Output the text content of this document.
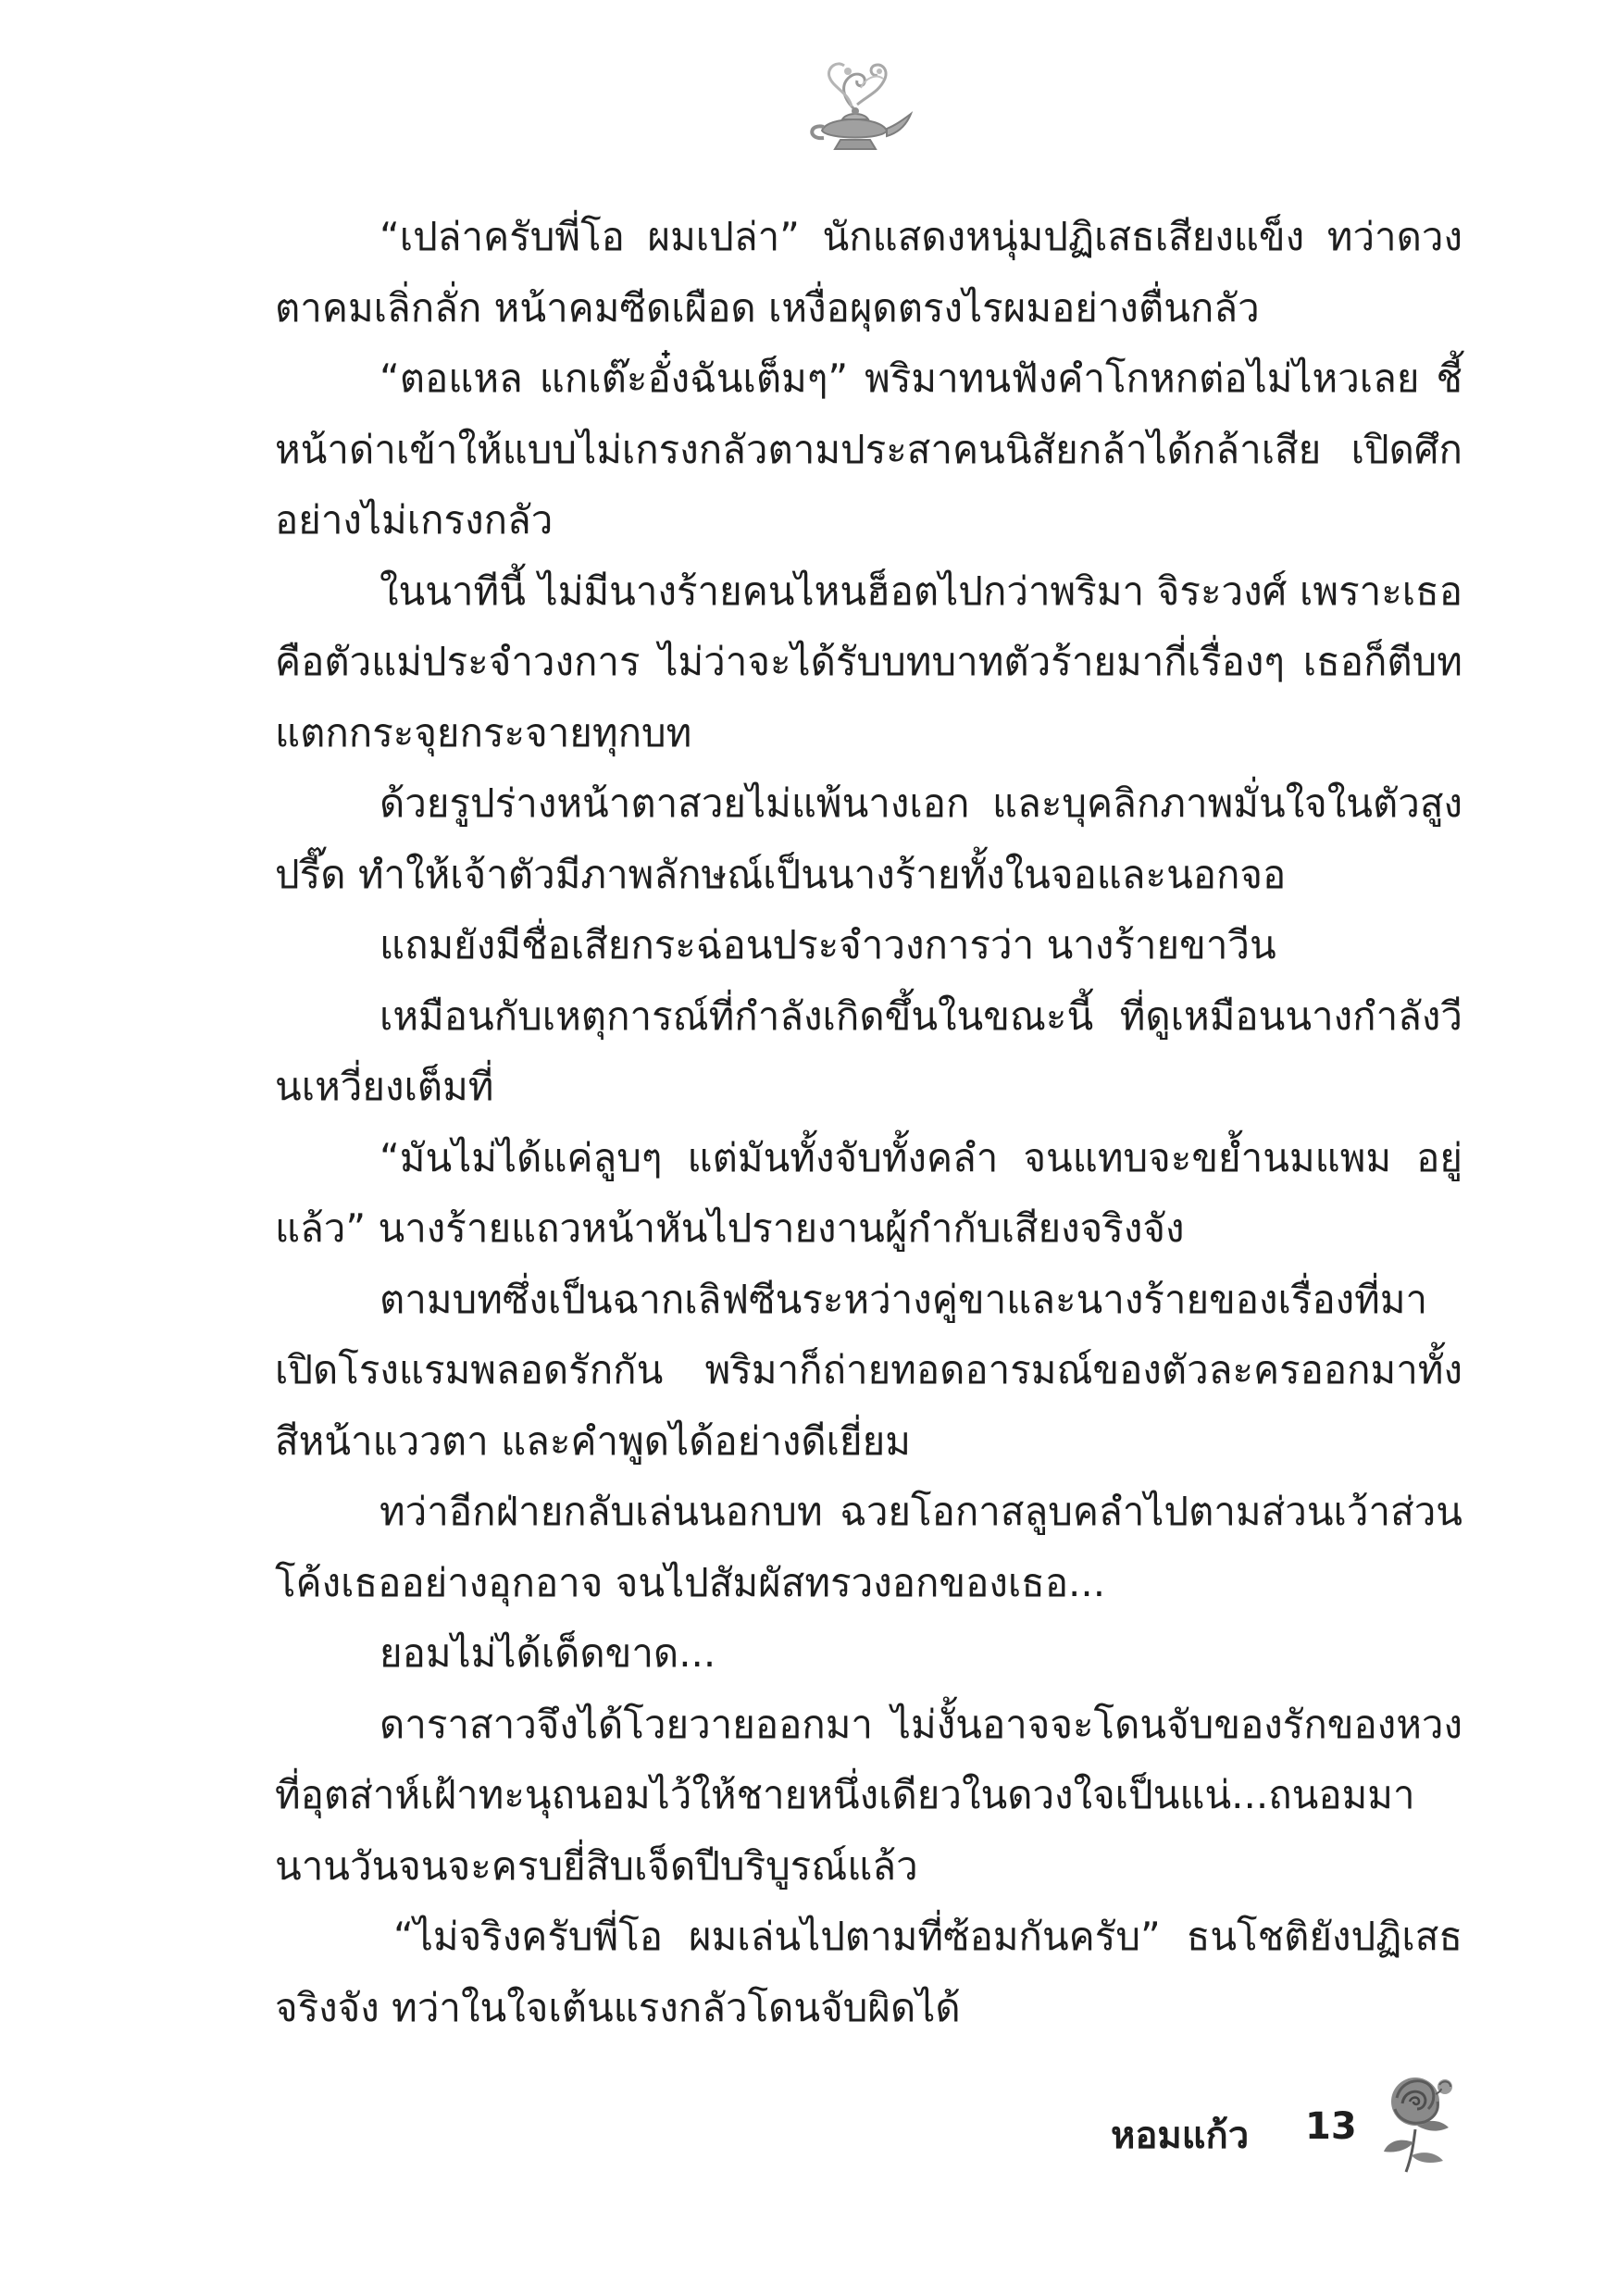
“เปล่าครับพี่โอ ผมเปล่า” นักแสดงหนุ่มปฏิเสธเสียงแข็ง ทว่าดวงตาคมเลิ่กลั่ก หน้าคมซีดเผือด เหงื่อผุดตรงไรผมอย่างตื่นกลัว

“ตอแหล แกเต๊ะอั๋งฉันเต็มๆ” พริมาทนฟังคำโกหกต่อไม่ไหวเลย ชี้หน้าด่าเข้าให้แบบไม่เกรงกลัวตามประสาคนนิสัยกล้าได้กล้าเสีย เปิดศึกอย่างไม่เกรงกลัว

ในนาทีนี้ ไม่มีนางร้ายคนไหนฮ็อตไปกว่าพริมา จิระวงศ์ เพราะเธอคือตัวแม่ประจำวงการ ไม่ว่าจะได้รับบทบาทตัวร้ายมากี่เรื่องๆ เธอก็ตีบทแตกกระจุยกระจายทุกบท

ด้วยรูปร่างหน้าตาสวยไม่แพ้นางเอก และบุคลิกภาพมั่นใจในตัวสูงปรี๊ด ทำให้เจ้าตัวมีภาพลักษณ์เป็นนางร้ายทั้งในจอและนอกจอ

แถมยังมีชื่อเสียกระฉ่อนประจำวงการว่า นางร้ายขาวีน

เหมือนกับเหตุการณ์ที่กำลังเกิดขึ้นในขณะนี้ ที่ดูเหมือนนางกำลังวีนเหวี่ยงเต็มที่

“มันไม่ได้แค่ลูบๆ แต่มันทั้งจับทั้งคลำ จนแทบจะขย้ำนมแพม อยู่แล้ว” นางร้ายแถวหน้าหันไปรายงานผู้กำกับเสียงจริงจัง

ตามบทซึ่งเป็นฉากเลิฟซีนระหว่างคู่ขาและนางร้ายของเรื่องที่มาเปิดโรงแรมพลอดรักกัน พริมาก็ถ่ายทอดอารมณ์ของตัวละครออกมาทั้งสีหน้าแววตา และคำพูดได้อย่างดีเยี่ยม

ทว่าอีกฝ่ายกลับเล่นนอกบท ฉวยโอกาสลูบคลำไปตามส่วนเว้าส่วนโค้งเธออย่างอุกอาจ จนไปสัมผัสทรวงอกของเธอ...

ยอมไม่ได้เด็ดขาด...

ดาราสาวจึงได้โวยวายออกมา ไม่งั้นอาจจะโดนจับของรักของหวงที่อุตส่าห์เฝ้าทะนุถนอมไว้ให้ชายหนึ่งเดียวในดวงใจเป็นแน่...ถนอมมานานวันจนจะครบยี่สิบเจ็ดปีบริบูรณ์แล้ว

“ไม่จริงครับพี่โอ ผมเล่นไปตามที่ซ้อมกันครับ” ธนโชติยังปฏิเสธจริงจัง ทว่าในใจเต้นแรงกลัวโดนจับผิดได้

หอมแก้ว 13
